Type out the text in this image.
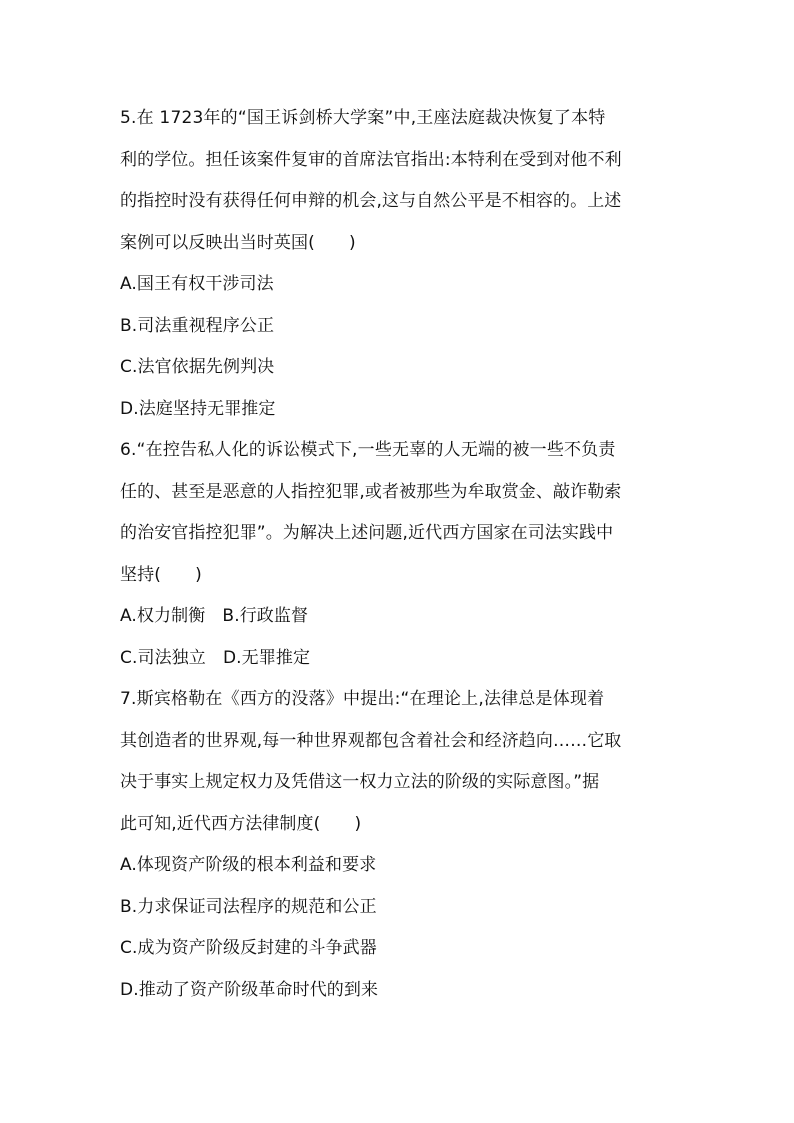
5.在 1723年的“国王诉剑桥大学案”中,王座法庭裁决恢复了本特
利的学位。担任该案件复审的首席法官指出:本特利在受到对他不利
的指控时没有获得任何申辩的机会,这与自然公平是不相容的。上述
案例可以反映出当时英国(　　)
A.国王有权干涉司法
B.司法重视程序公正
C.法官依据先例判决
D.法庭坚持无罪推定
6.“在控告私人化的诉讼模式下,一些无辜的人无端的被一些不负责
任的、甚至是恶意的人指控犯罪,或者被那些为牟取赏金、敲诈勒索
的治安官指控犯罪”。为解决上述问题,近代西方国家在司法实践中
坚持(　　)
A.权力制衡　B.行政监督
C.司法独立　D.无罪推定
7.斯宾格勒在《西方的没落》中提出:“在理论上,法律总是体现着
其创造者的世界观,每一种世界观都包含着社会和经济趋向……它取
决于事实上规定权力及凭借这一权力立法的阶级的实际意图。”据
此可知,近代西方法律制度(　　)
A.体现资产阶级的根本利益和要求
B.力求保证司法程序的规范和公正
C.成为资产阶级反封建的斗争武器
D.推动了资产阶级革命时代的到来
